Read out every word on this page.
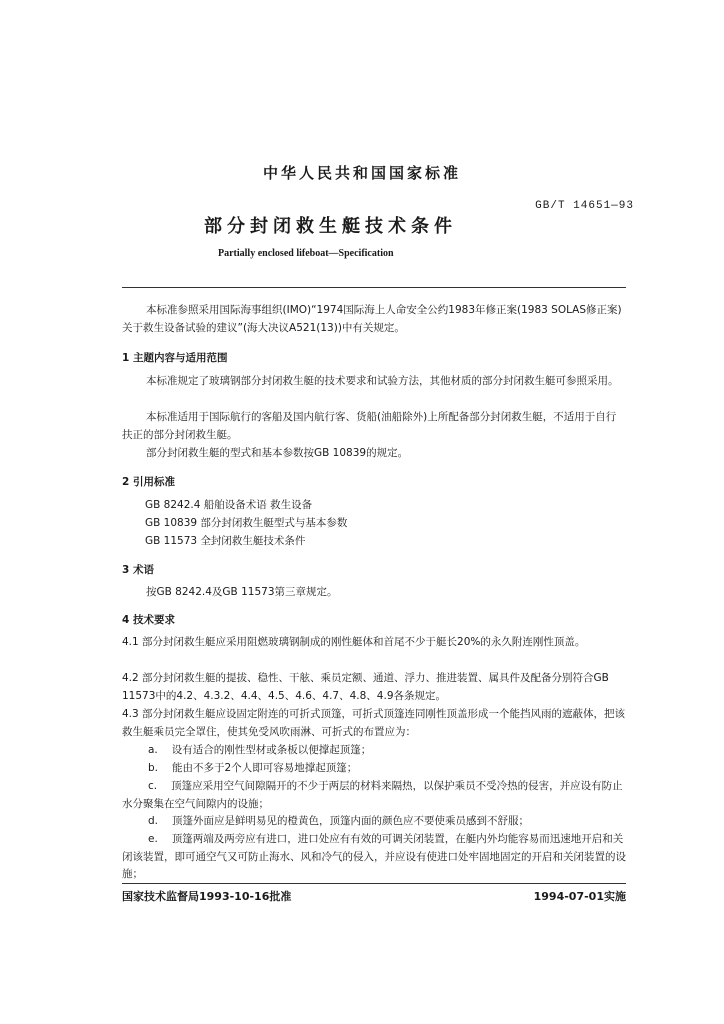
中华人民共和国国家标准
GB/T 14651—93
部分封闭救生艇技术条件
Partially enclosed lifeboat—Specification

本标准参照采用国际海事组织(IMO)“1974国际海上人命安全公约1983年修正案(1983 SOLAS修正案)关于救生设备试验的建议”(海大决议A521(13))中有关规定。

1 主题内容与适用范围

本标准规定了玻璃钢部分封闭救生艇的技术要求和试验方法，其他材质的部分封闭救生艇可参照采用。

本标准适用于国际航行的客船及国内航行客、货船(油船除外)上所配备部分封闭救生艇，不适用于自行扶正的部分封闭救生艇。

部分封闭救生艇的型式和基本参数按GB 10839的规定。

2 引用标准

GB 8242.4 船舶设备术语 救生设备

GB 10839 部分封闭救生艇型式与基本参数

GB 11573 全封闭救生艇技术条件

3 术语

按GB 8242.4及GB 11573第三章规定。

4 技术要求

4.1 部分封闭救生艇应采用阻燃玻璃钢制成的刚性艇体和首尾不少于艇长20%的永久附连刚性顶盖。

4.2 部分封闭救生艇的提拔、稳性、干舷、乘员定额、通道、浮力、推进装置、属具件及配备分别符合GB 11573中的4.2、4.3.2、4.4、4.5、4.6、4.7、4.8、4.9各条规定。

4.3 部分封闭救生艇应设固定附连的可折式顶篷，可折式顶篷连同刚性顶盖形成一个能挡风雨的遮蔽体，把该救生艇乘员完全罩住，使其免受风吹雨淋、可折式的布置应为：

a. 设有适合的刚性型材或条板以便撑起顶篷；

b. 能由不多于2个人即可容易地撑起顶篷；

c. 顶篷应采用空气间隙隔开的不少于两层的材料来隔热，以保护乘员不受冷热的侵害，并应设有防止水分聚集在空气间隙内的设施；

d. 顶篷外面应是鲜明易见的橙黄色，顶篷内面的颜色应不要使乘员感到不舒服；

e. 顶篷两端及两旁应有进口，进口处应有有效的可调关闭装置，在艇内外均能容易而迅速地开启和关闭该装置，即可通空气又可防止海水、风和冷气的侵入，并应设有使进口处牢固地固定的开启和关闭装置的设施；

国家技术监督局1993-10-16批准	1994-07-01实施
